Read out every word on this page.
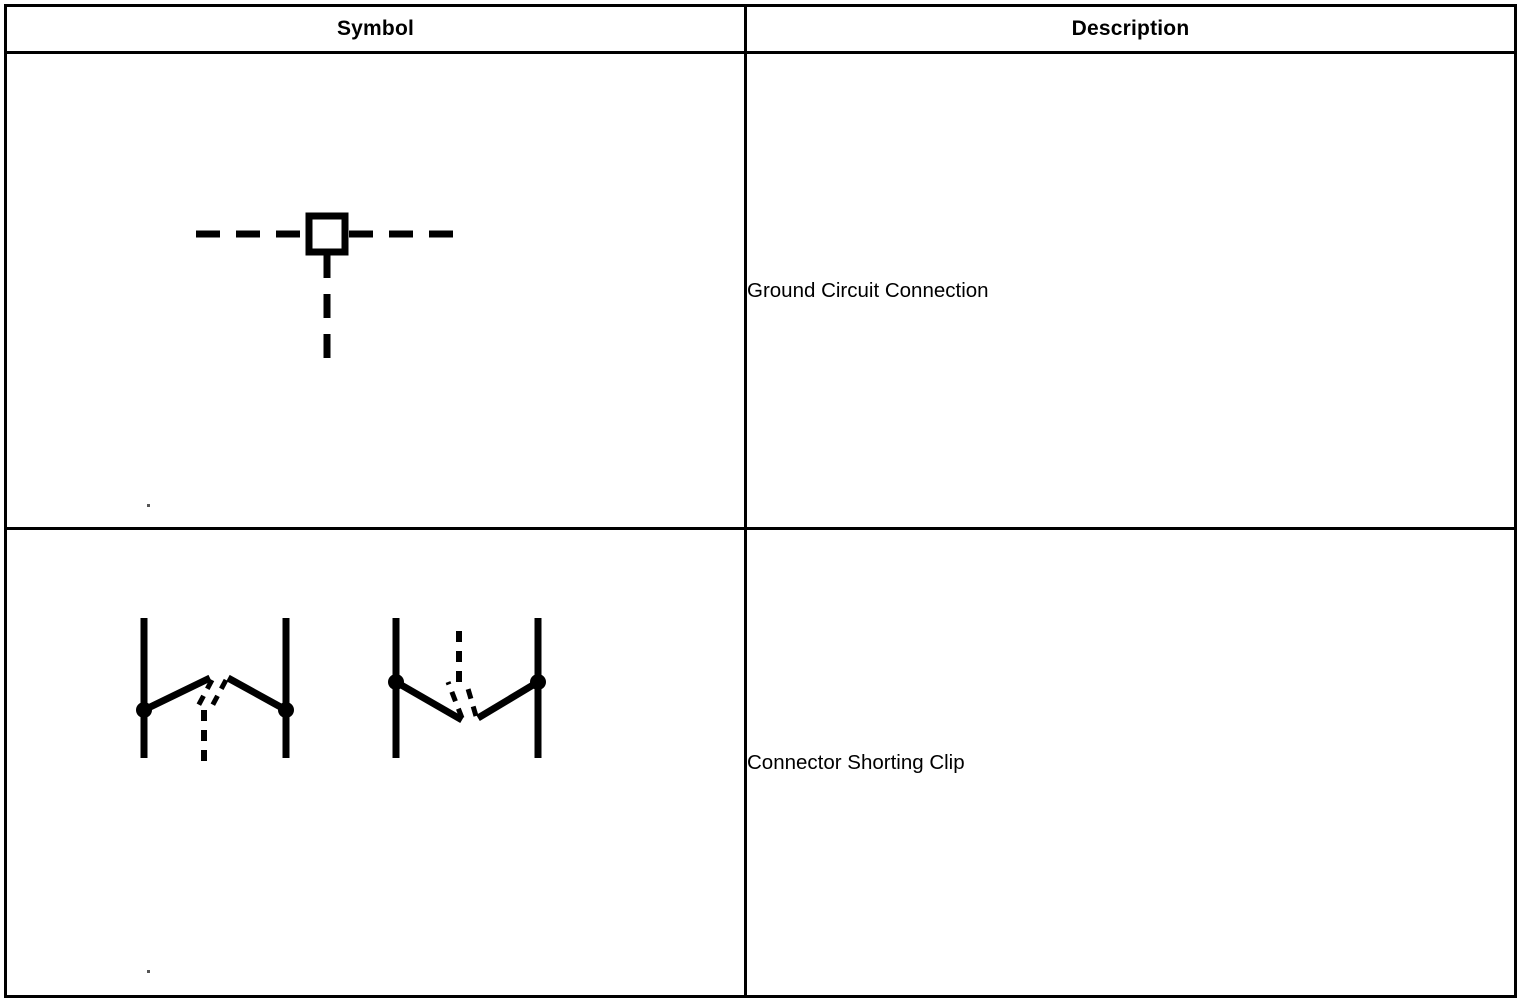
Symbol	Description

	Ground Circuit Connection

	Connector Shorting Clip
